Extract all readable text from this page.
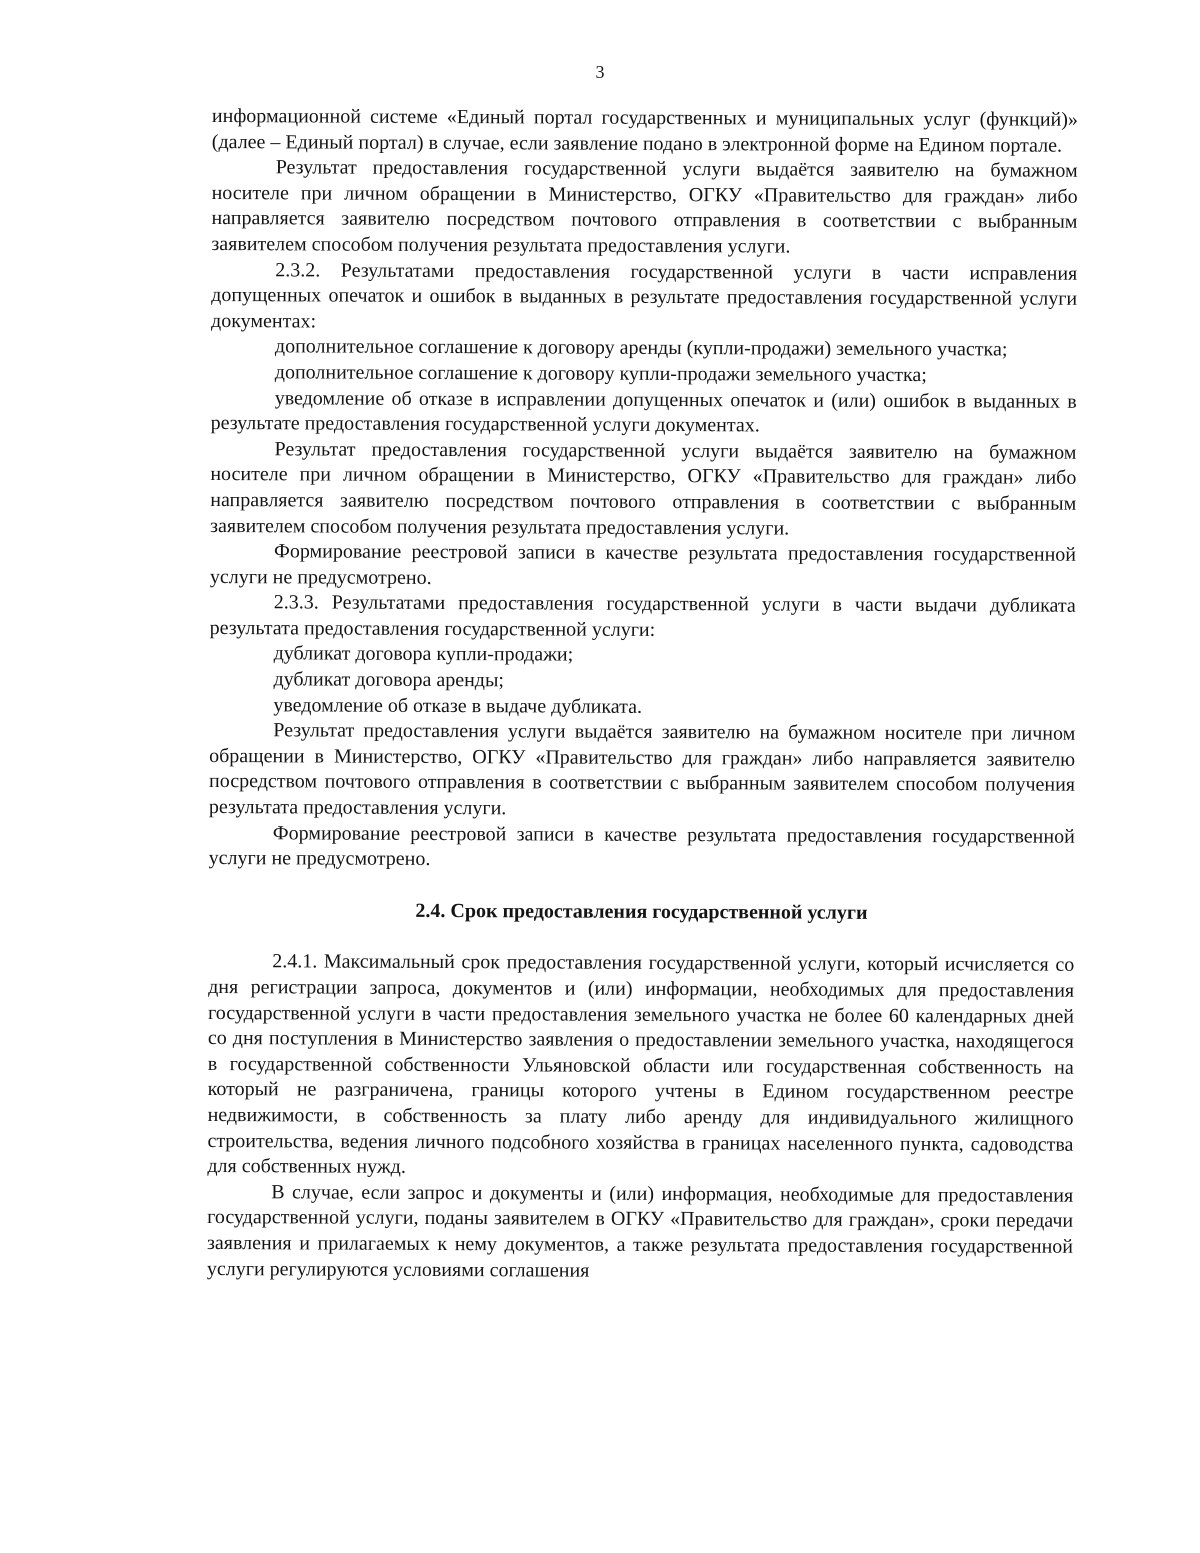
3

информационной системе «Единый портал государственных и муниципальных услуг (функций)» (далее – Единый портал) в случае, если заявление подано в электронной форме на Едином портале.

Результат предоставления государственной услуги выдаётся заявителю на бумажном носителе при личном обращении в Министерство, ОГКУ «Правительство для граждан» либо направляется заявителю посредством почтового отправления в соответствии с выбранным заявителем способом получения результата предоставления услуги.

2.3.2. Результатами предоставления государственной услуги в части исправления допущенных опечаток и ошибок в выданных в результате предоставления государственной услуги документах:

дополнительное соглашение к договору аренды (купли-продажи) земельного участка;

дополнительное соглашение к договору купли-продажи земельного участка;

уведомление об отказе в исправлении допущенных опечаток и (или) ошибок в выданных в результате предоставления государственной услуги документах.

Результат предоставления государственной услуги выдаётся заявителю на бумажном носителе при личном обращении в Министерство, ОГКУ «Правительство для граждан» либо направляется заявителю посредством почтового отправления в соответствии с выбранным заявителем способом получения результата предоставления услуги.

Формирование реестровой записи в качестве результата предоставления государственной услуги не предусмотрено.

2.3.3. Результатами предоставления государственной услуги в части выдачи дубликата результата предоставления государственной услуги:

дубликат договора купли-продажи;

дубликат договора аренды;

уведомление об отказе в выдаче дубликата.

Результат предоставления услуги выдаётся заявителю на бумажном носителе при личном обращении в Министерство, ОГКУ «Правительство для граждан» либо направляется заявителю посредством почтового отправления в соответствии с выбранным заявителем способом получения результата предоставления услуги.

Формирование реестровой записи в качестве результата предоставления государственной услуги не предусмотрено.

2.4. Срок предоставления государственной услуги

2.4.1. Максимальный срок предоставления государственной услуги, который исчисляется со дня регистрации запроса, документов и (или) информации, необходимых для предоставления государственной услуги в части предоставления земельного участка не более 60 календарных дней со дня поступления в Министерство заявления о предоставлении земельного участка, находящегося в государственной собственности Ульяновской области или государственная собственность на который не разграничена, границы которого учтены в Едином государственном реестре недвижимости, в собственность за плату либо аренду для индивидуального жилищного строительства, ведения личного подсобного хозяйства в границах населенного пункта, садоводства для собственных нужд.

В случае, если запрос и документы и (или) информация, необходимые для предоставления государственной услуги, поданы заявителем в ОГКУ «Правительство для граждан», сроки передачи заявления и прилагаемых к нему документов, а также результата предоставления государственной услуги регулируются условиями соглашения
